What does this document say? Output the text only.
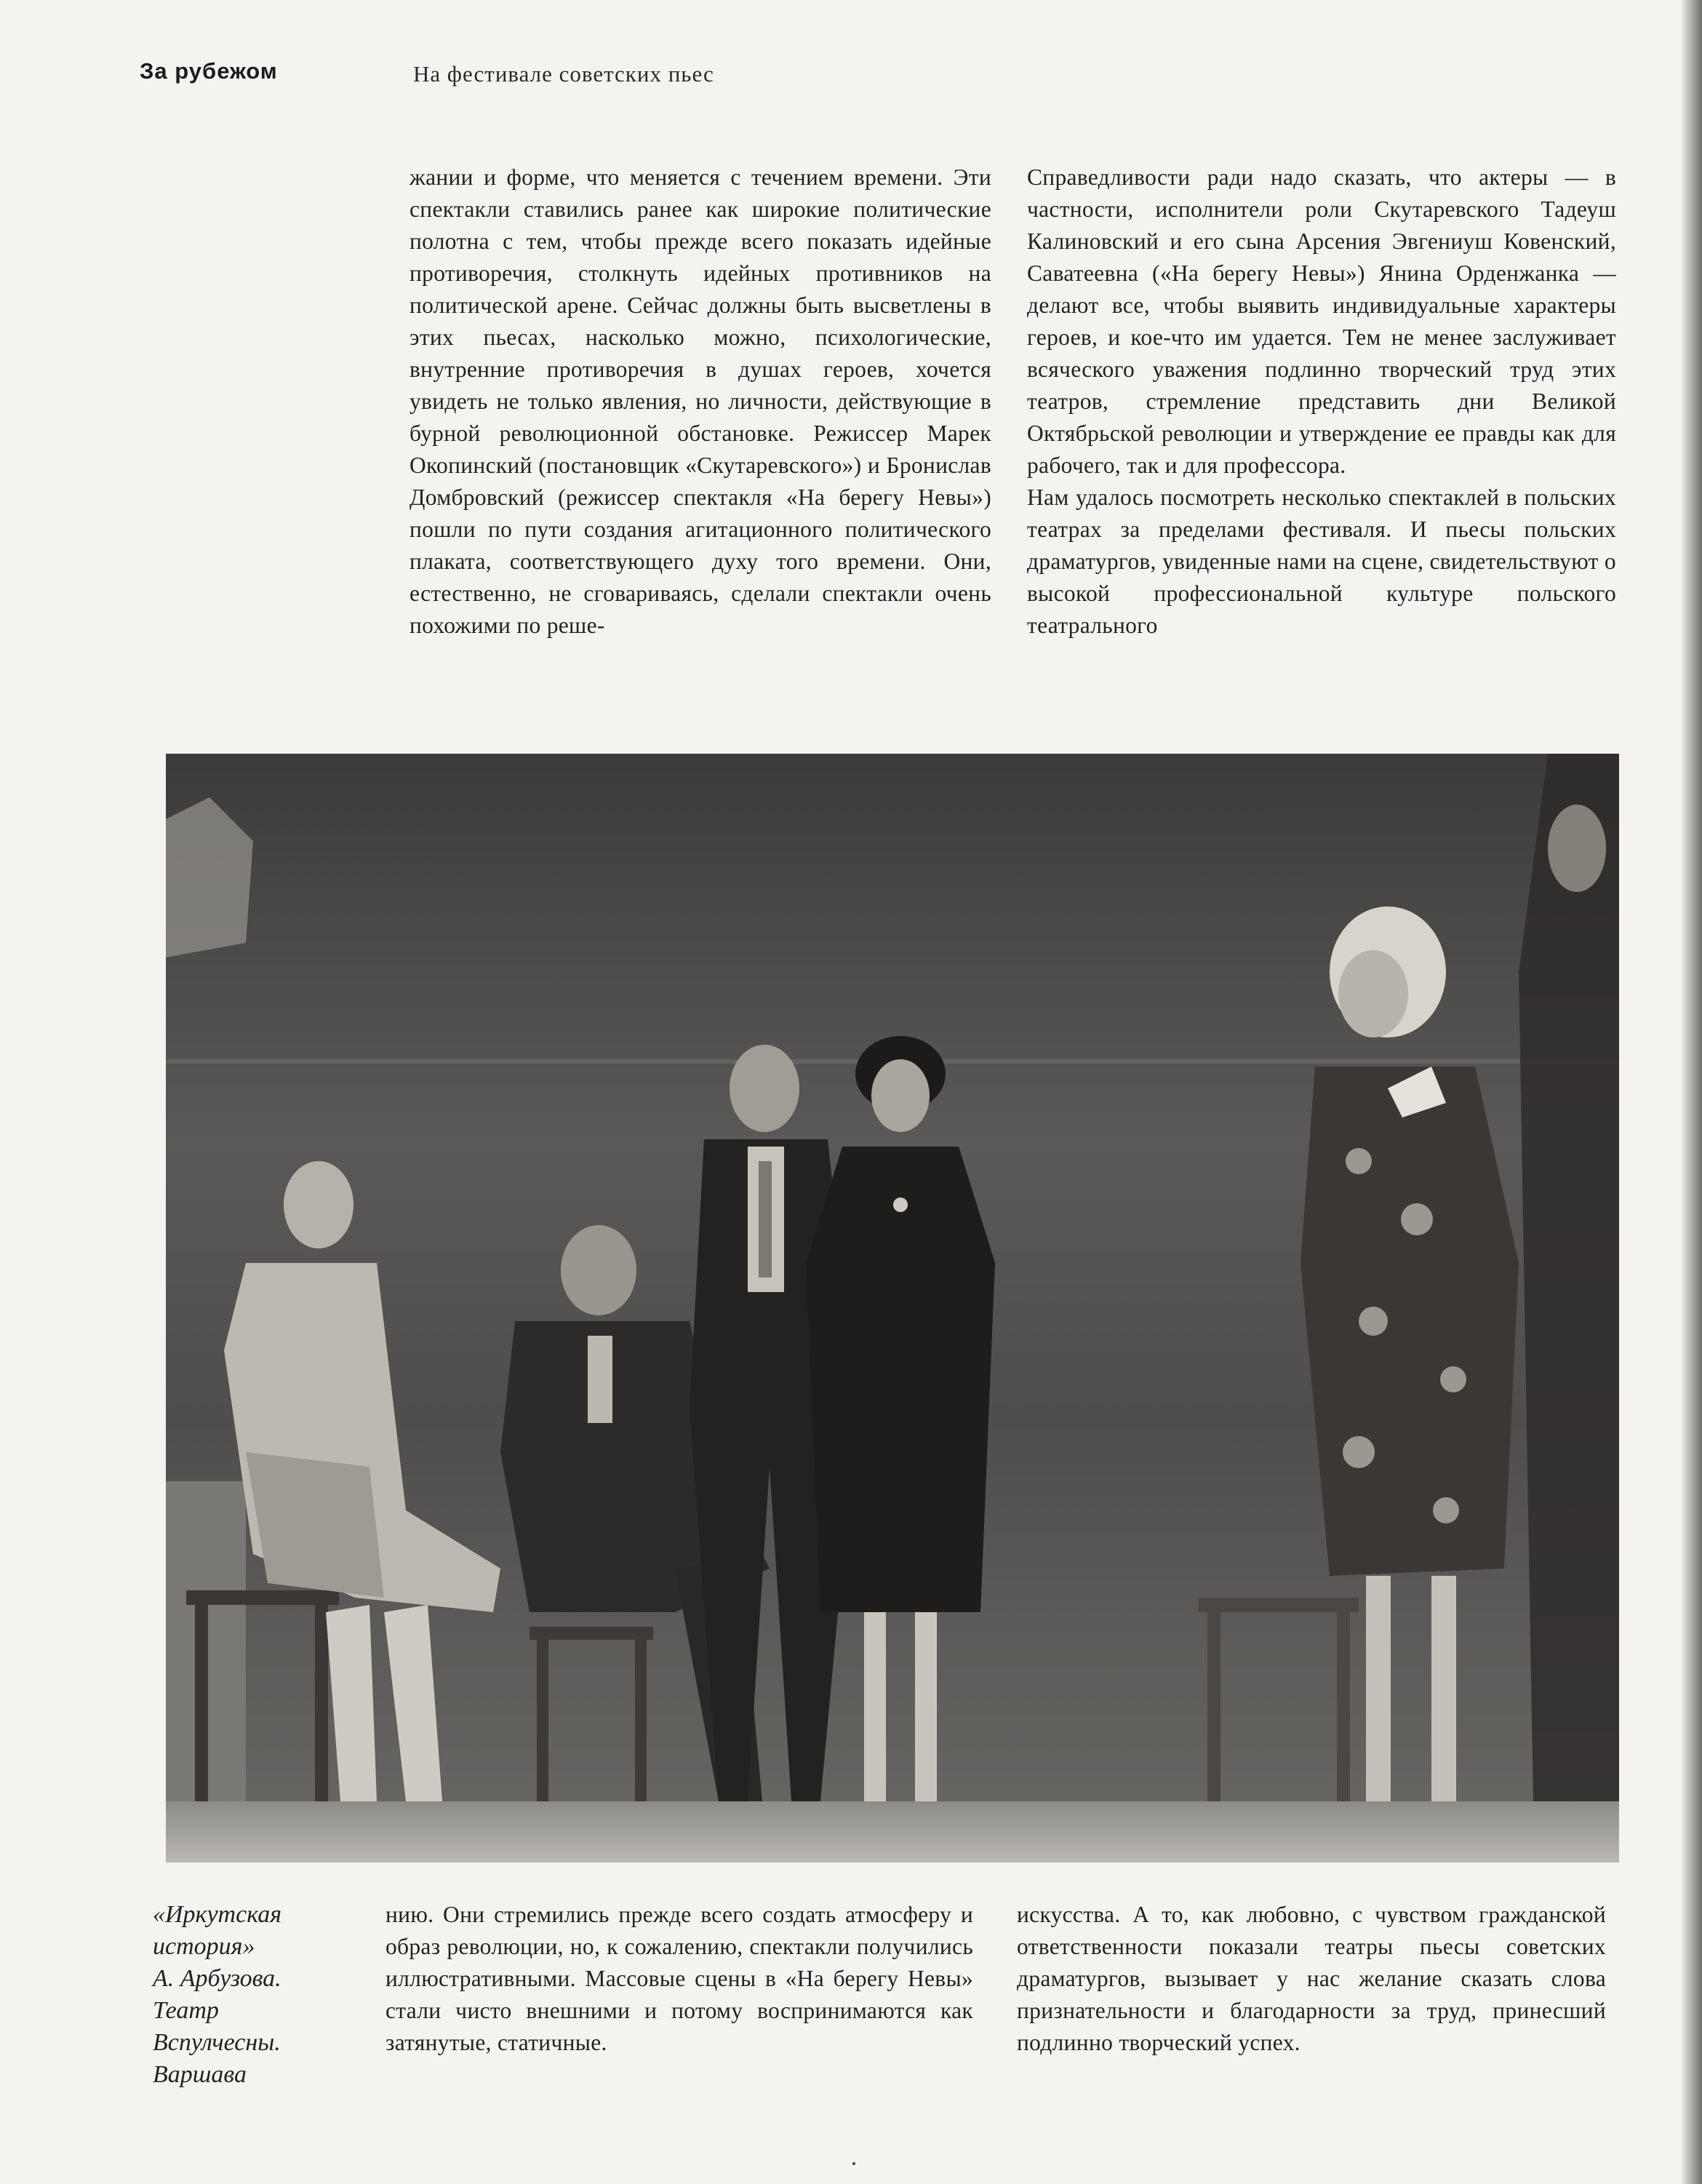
За рубежом	На фестивале советских пьес

жании и форме, что меняется с течением времени. Эти спектакли ставились ранее как широкие политические полотна с тем, чтобы прежде всего показать идейные противоречия, столкнуть идейных противников на политической арене. Сейчас должны быть высветлены в этих пьесах, насколько можно, психологические, внутренние противоречия в душах героев, хочется увидеть не только явления, но личности, действующие в бурной революционной обстановке. Режиссер Марек Окопинский (постановщик «Скутаревского») и Бронислав Домбровский (режиссер спектакля «На берегу Невы») пошли по пути создания агитационного политического плаката, соответствующего духу того времени. Они, естественно, не сговариваясь, сделали спектакли очень похожими по реше-

Справедливости ради надо сказать, что актеры — в частности, исполнители роли Скутаревского Тадеуш Калиновский и его сына Арсения Эвгениуш Ковенский, Саватеевна («На берегу Невы») Янина Орденжанка — делают все, чтобы выявить индивидуальные характеры героев, и кое-что им удается. Тем не менее заслуживает всяческого уважения подлинно творческий труд этих театров, стремление представить дни Великой Октябрьской революции и утверждение ее правды как для рабочего, так и для профессора.

Нам удалось посмотреть несколько спектаклей в польских театрах за пределами фестиваля. И пьесы польских драматургов, увиденные нами на сцене, свидетельствуют о высокой профессиональной культуре польского театрального

«Иркутская
история»
А. Арбузова.
Театр
Вспулчесны.
Варшава

нию. Они стремились прежде всего создать атмосферу и образ революции, но, к сожалению, спектакли получились иллюстративными. Массовые сцены в «На берегу Невы» стали чисто внешними и потому воспринимаются как затянутые, статичные.

искусства. А то, как любовно, с чувством гражданской ответственности показали театры пьесы советских драматургов, вызывает у нас желание сказать слова признательности и благодарности за труд, принесший подлинно творческий успех.
